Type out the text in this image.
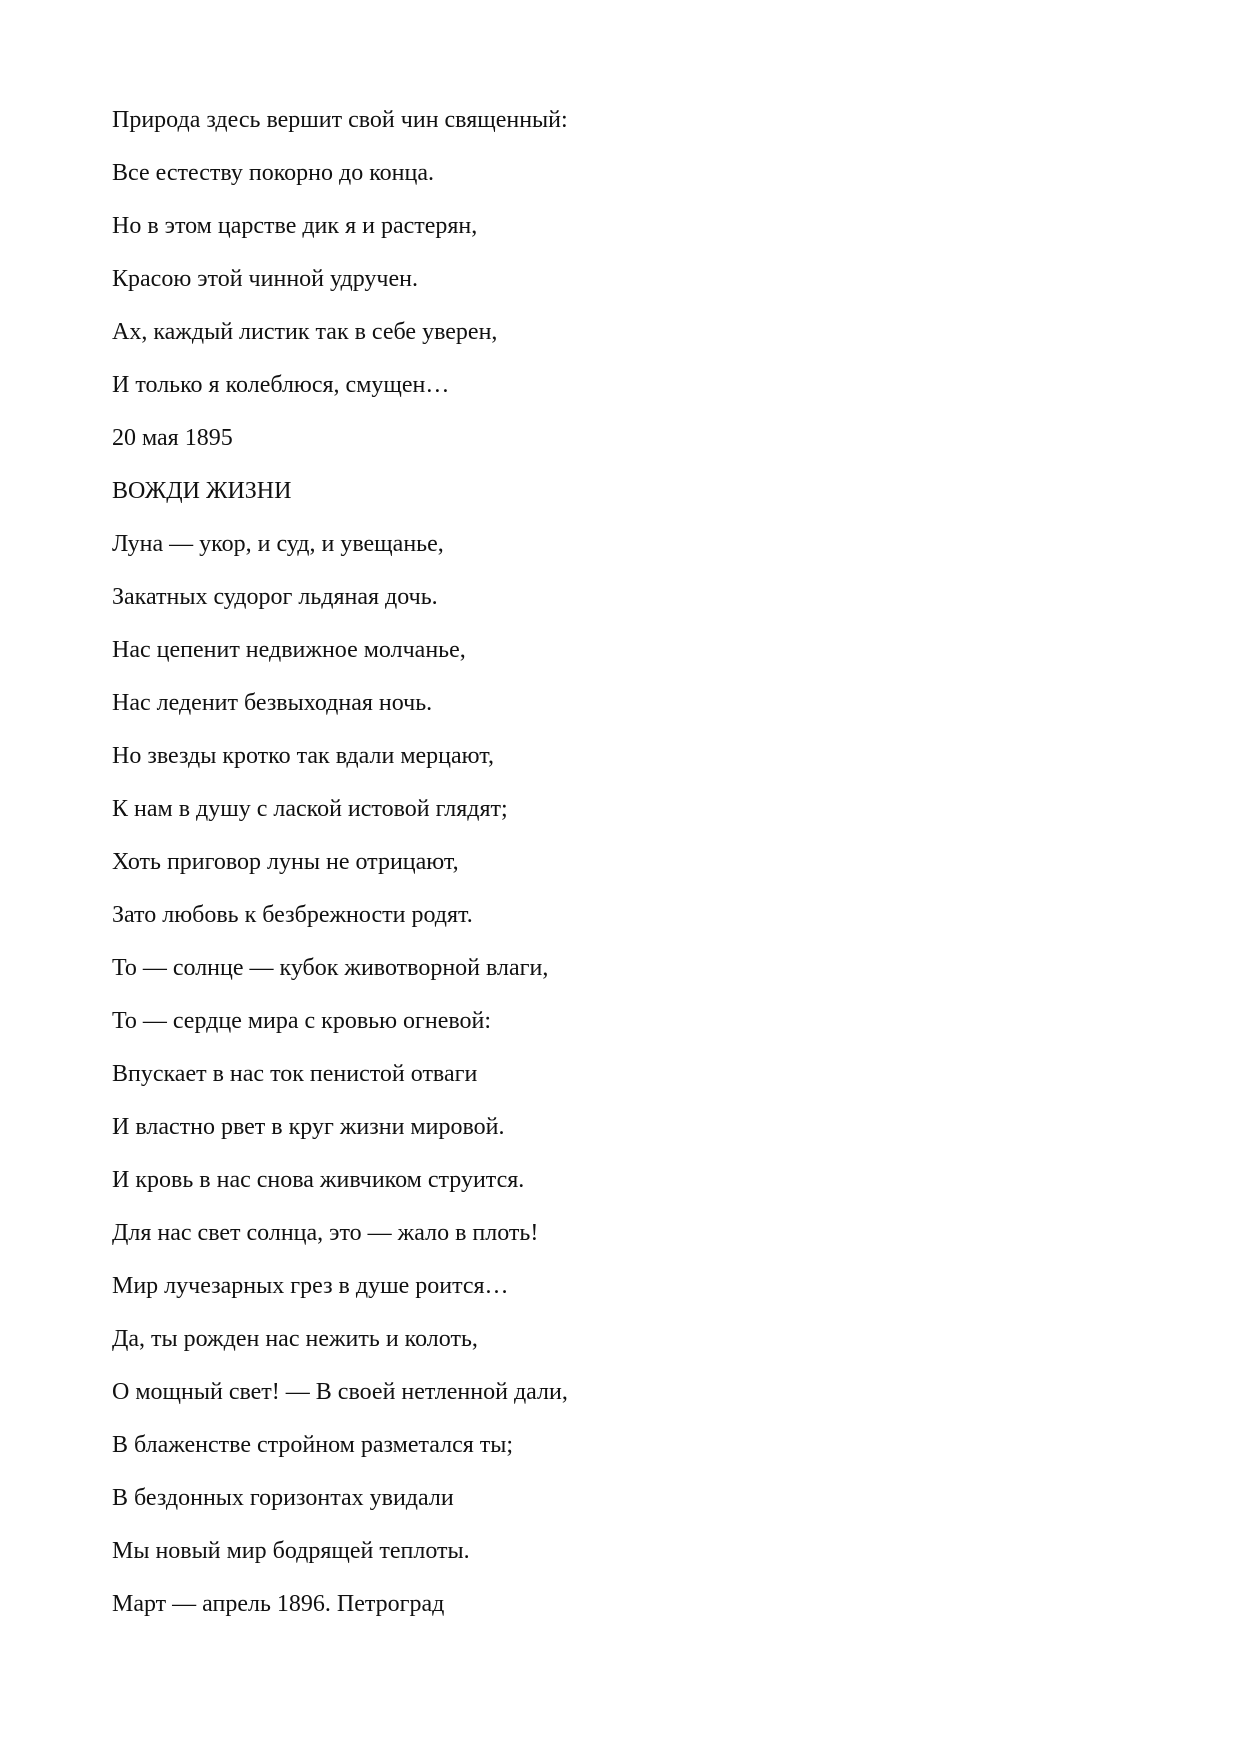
Природа здесь вершит свой чин священный:
Все естеству покорно до конца.
Но в этом царстве дик я и растерян,
Красою этой чинной удручен.
Ах, каждый листик так в себе уверен,
И только я колеблюся, смущен…
20 мая 1895
ВОЖДИ ЖИЗНИ
Луна — укор, и суд, и увещанье,
Закатных судорог льдяная дочь.
Нас цепенит недвижное молчанье,
Нас леденит безвыходная ночь.
Но звезды кротко так вдали мерцают,
К нам в душу с лаской истовой глядят;
Хоть приговор луны не отрицают,
Зато любовь к безбрежности родят.
То — солнце — кубок животворной влаги,
То — сердце мира с кровью огневой:
Впускает в нас ток пенистой отваги
И властно рвет в круг жизни мировой.
И кровь в нас снова живчиком струится.
Для нас свет солнца, это — жало в плоть!
Мир лучезарных грез в душе роится…
Да, ты рожден нас нежить и колоть,
О мощный свет! — В своей нетленной дали,
В блаженстве стройном разметался ты;
В бездонных горизонтах увидали
Мы новый мир бодрящей теплоты.
Март — апрель 1896. Петроград
